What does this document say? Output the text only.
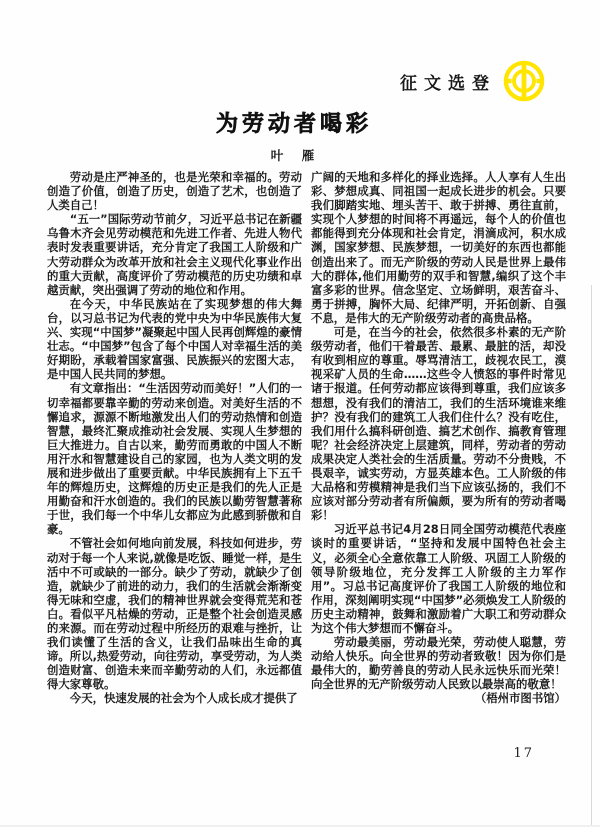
征文选登
为劳动者喝彩
叶　雁

劳动是庄严神圣的，也是光荣和幸福的。劳动创造了价值，创造了历史，创造了艺术，也创造了人类自己！

“五一”国际劳动节前夕，习近平总书记在新疆乌鲁木齐会见劳动模范和先进工作者、先进人物代表时发表重要讲话，充分肯定了我国工人阶级和广大劳动群众为改革开放和社会主义现代化事业作出的重大贡献，高度评价了劳动模范的历史功绩和卓越贡献，突出强调了劳动的地位和作用。

在今天，中华民族站在了实现梦想的伟大舞台，以习总书记为代表的党中央为中华民族伟大复兴、实现“中国梦”凝聚起中国人民再创辉煌的豪情壮志。“中国梦”包含了每个中国人对幸福生活的美好期盼，承载着国家富强、民族振兴的宏图大志，是中国人民共同的梦想。

有文章指出：“生活因劳动而美好！”人们的一切幸福都要靠辛勤的劳动来创造。对美好生活的不懈追求，源源不断地激发出人们的劳动热情和创造智慧，最终汇聚成推动社会发展、实现人生梦想的巨大推进力。自古以来，勤劳而勇敢的中国人不断用汗水和智慧建设自己的家园，也为人类文明的发展和进步做出了重要贡献。中华民族拥有上下五千年的辉煌历史，这辉煌的历史正是我们的先人正是用勤奋和汗水创造的。我们的民族以勤劳智慧著称于世，我们每一个中华儿女都应为此感到骄傲和自豪。

不管社会如何地向前发展，科技如何进步，劳动对于每一个人来说,就像是吃饭、睡觉一样，是生活中不可或缺的一部分。缺少了劳动，就缺少了创造，就缺少了前进的动力，我们的生活就会渐渐变得无味和空虚，我们的精神世界就会变得荒芜和苍白。看似平凡枯燥的劳动，正是整个社会创造灵感的来源。而在劳动过程中所经历的艰难与挫折，让我们读懂了生活的含义，让我们品味出生命的真谛。所以,热爱劳动，向往劳动，享受劳动，为人类创造财富、创造未来而辛勤劳动的人们，永远都值得大家尊敬。

今天，快速发展的社会为个人成长成才提供了

广阔的天地和多样化的择业选择。人人享有人生出彩、梦想成真、同祖国一起成长进步的机会。只要我们脚踏实地、埋头苦干、敢于拼搏、勇往直前，实现个人梦想的时间将不再遥远，每个人的价值也都能得到充分体现和社会肯定，涓滴成河，积水成渊，国家梦想、民族梦想，一切美好的东西也都能创造出来了。而无产阶级的劳动人民是世界上最伟大的群体,他们用勤劳的双手和智慧,编织了这个丰富多彩的世界。信念坚定、立场鲜明，艰苦奋斗、勇于拼搏，胸怀大局、纪律严明，开拓创新、自强不息，是伟大的无产阶级劳动者的高贵品格。

可是，在当今的社会，依然很多朴素的无产阶级劳动者，他们干着最苦、最累、最脏的活，却没有收到相应的尊重。辱骂清洁工，歧视农民工，漠视采矿人员的生命……这些令人愤怒的事件时常见诸于报道。任何劳动都应该得到尊重，我们应该多想想，没有我们的清洁工，我们的生活环境谁来维护？没有我们的建筑工人我们住什么？没有吃住，我们用什么搞科研创造、搞艺术创作、搞教育管理呢？社会经济决定上层建筑，同样，劳动者的劳动成果决定人类社会的生活质量。劳动不分贵贱，不畏艰辛，诚实劳动，方显英雄本色。工人阶级的伟大品格和劳模精神是我们当下应该弘扬的，我们不应该对部分劳动者有所偏颇，要为所有的劳动者喝彩！

习近平总书记4月28日同全国劳动模范代表座谈时的重要讲话，“坚持和发展中国特色社会主义，必须全心全意依靠工人阶级、巩固工人阶级的领导阶级地位，充分发挥工人阶级的主力军作用”。习总书记高度评价了我国工人阶级的地位和作用，深刻阐明实现“中国梦”必须焕发工人阶级的历史主动精神，鼓舞和激励着广大职工和劳动群众为这个伟大梦想而不懈奋斗。

劳动最美丽，劳动最光荣，劳动使人聪慧，劳动给人快乐。向全世界的劳动者致敬！因为你们是最伟大的，勤劳善良的劳动人民永远快乐而光荣！向全世界的无产阶级劳动人民致以最崇高的敬意！
（梧州市图书馆）

17
